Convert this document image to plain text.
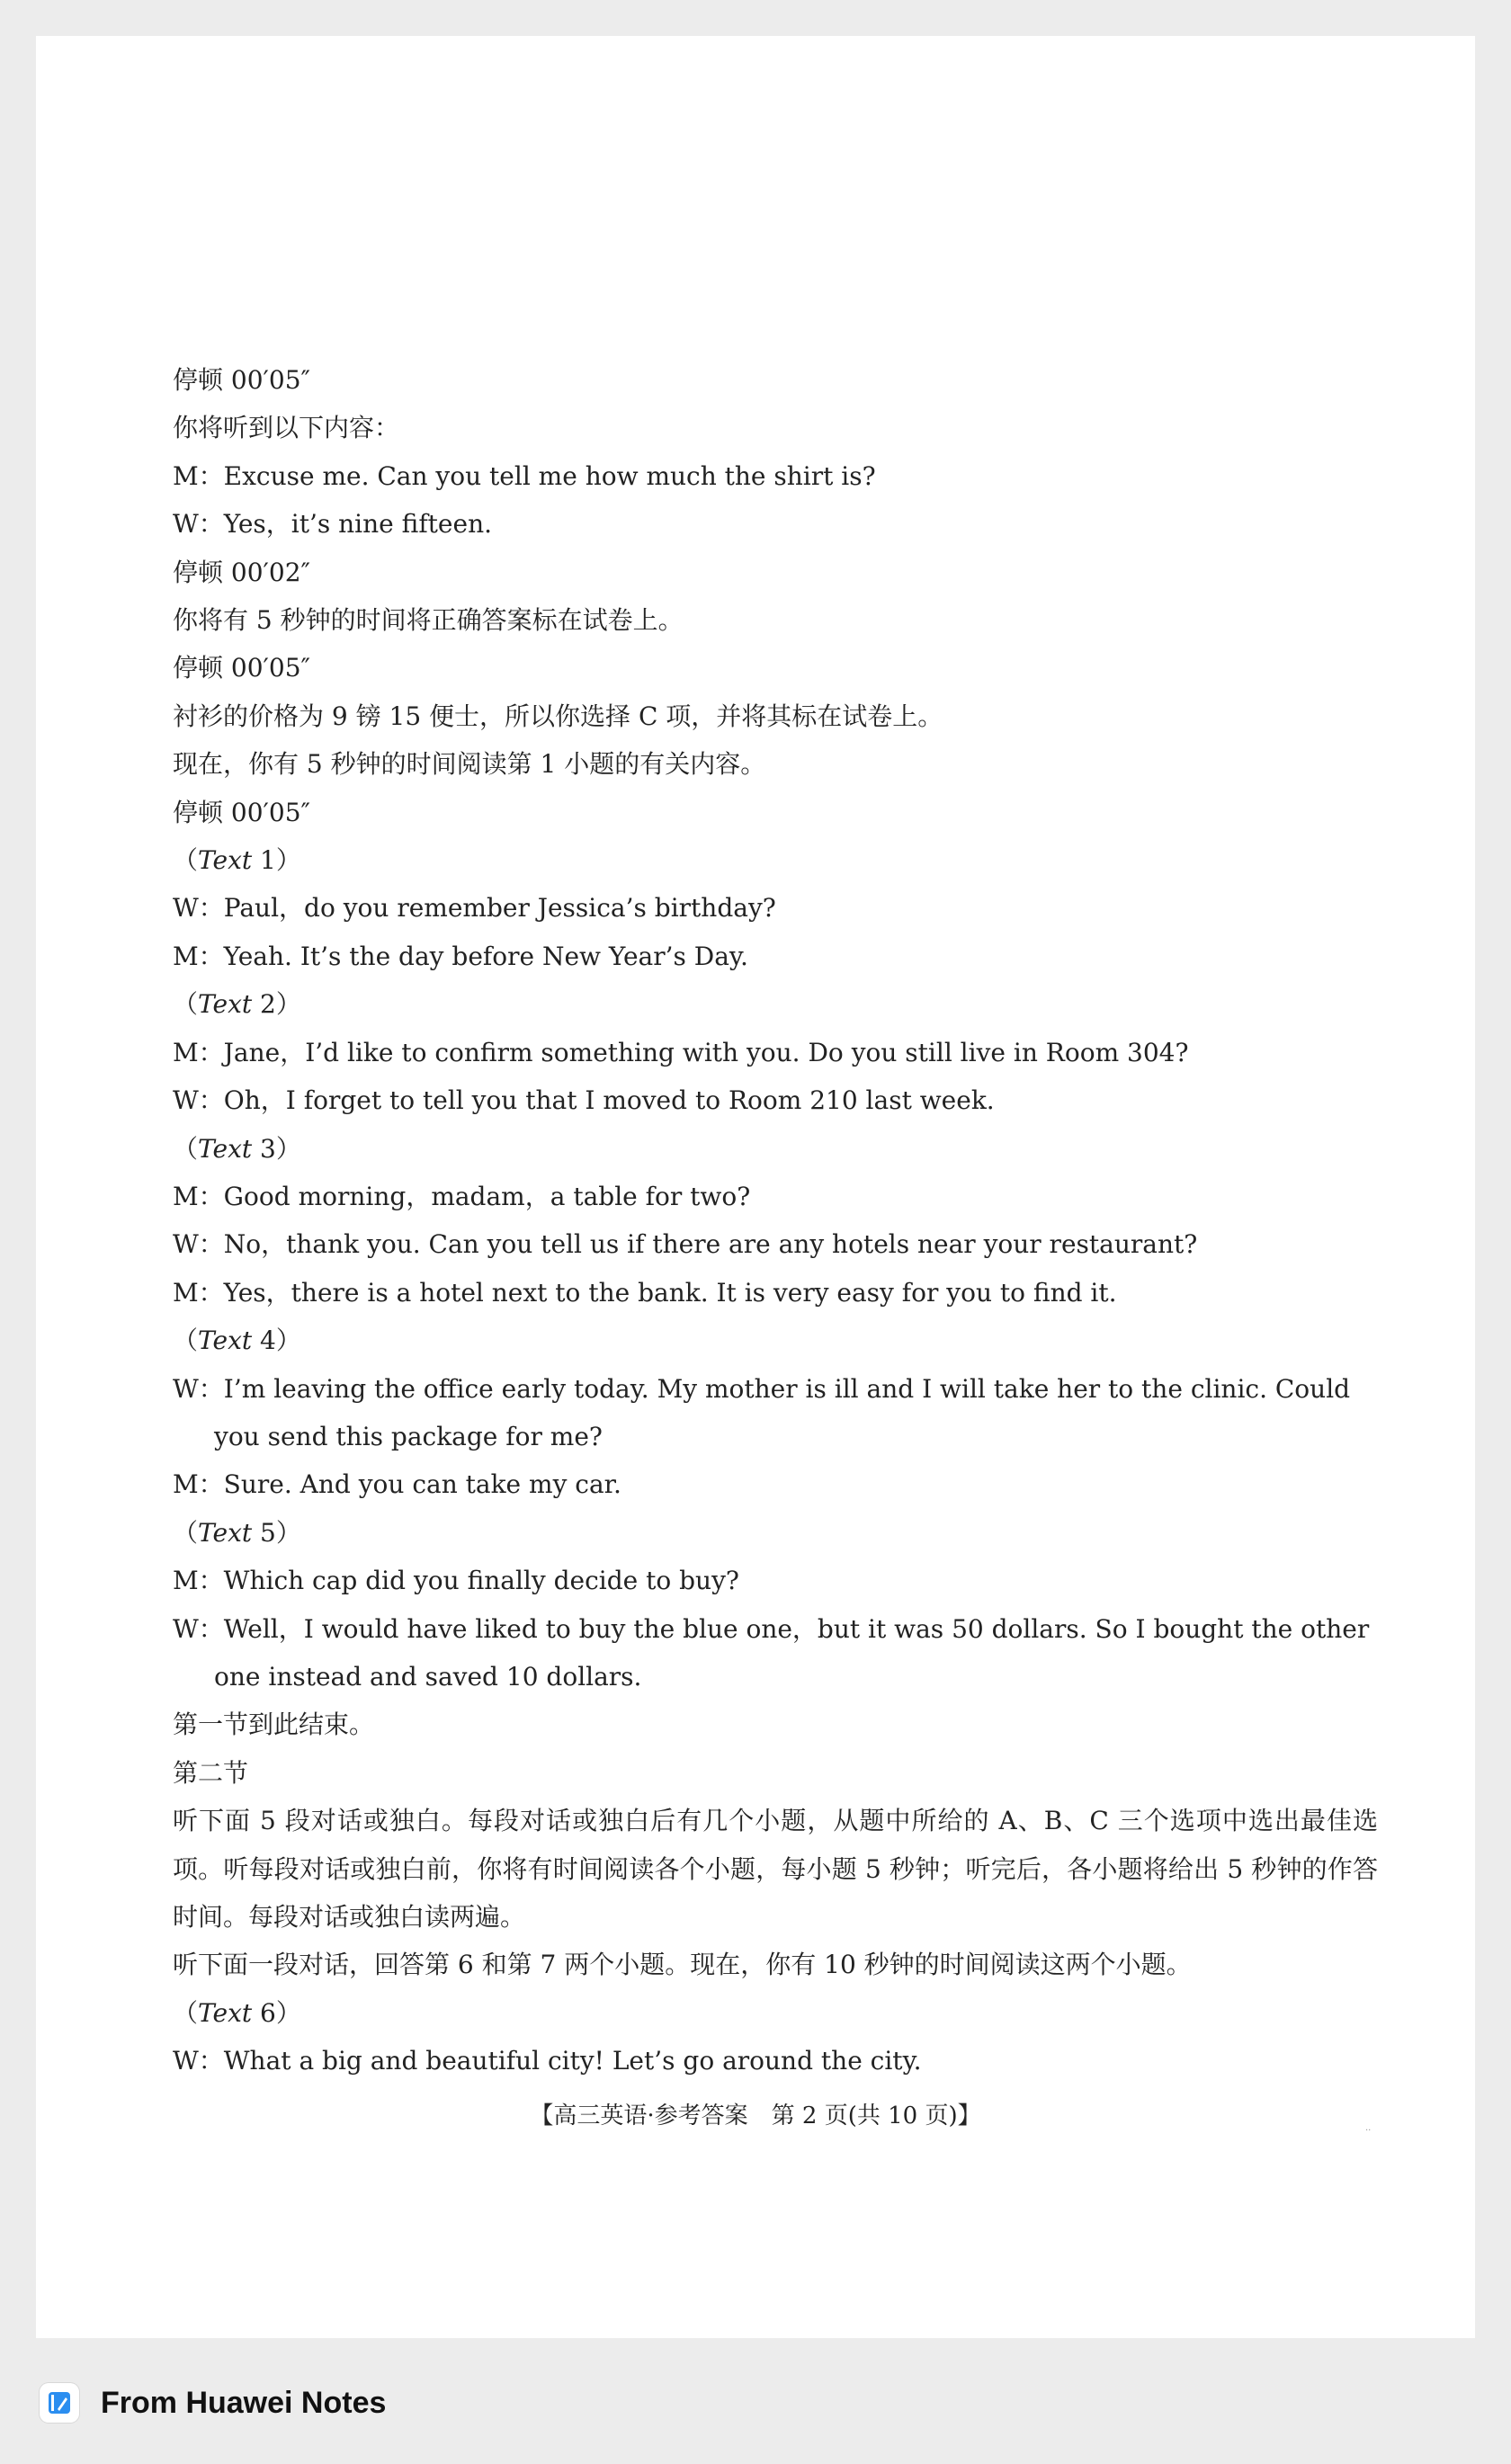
停顿 00′05″

你将听到以下内容：

M：Excuse me. Can you tell me how much the shirt is?

W：Yes，it’s nine fifteen.

停顿 00′02″

你将有 5 秒钟的时间将正确答案标在试卷上。

停顿 00′05″

衬衫的价格为 9 镑 15 便士，所以你选择 C 项，并将其标在试卷上。

现在，你有 5 秒钟的时间阅读第 1 小题的有关内容。

停顿 00′05″

（Text 1）

W：Paul，do you remember Jessica’s birthday?

M：Yeah. It’s the day before New Year’s Day.

（Text 2）

M：Jane，I’d like to confirm something with you. Do you still live in Room 304?

W：Oh，I forget to tell you that I moved to Room 210 last week.

（Text 3）

M：Good morning，madam，a table for two?

W：No，thank you. Can you tell us if there are any hotels near your restaurant?

M：Yes，there is a hotel next to the bank. It is very easy for you to find it.

（Text 4）

W：I’m leaving the office early today. My mother is ill and I will take her to the clinic. Could you send this package for me?

M：Sure. And you can take my car.

（Text 5）

M：Which cap did you finally decide to buy?

W：Well，I would have liked to buy the blue one，but it was 50 dollars. So I bought the other one instead and saved 10 dollars.

第一节到此结束。

第二节

听下面 5 段对话或独白。每段对话或独白后有几个小题，从题中所给的 A、B、C 三个选项中选出最佳选项。听每段对话或独白前，你将有时间阅读各个小题，每小题 5 秒钟；听完后，各小题将给出 5 秒钟的作答时间。每段对话或独白读两遍。

听下面一段对话，回答第 6 和第 7 两个小题。现在，你有 10 秒钟的时间阅读这两个小题。

（Text 6）

W：What a big and beautiful city! Let’s go around the city.

【高三英语·参考答案　第 2 页(共 10 页)】
··
From Huawei Notes
